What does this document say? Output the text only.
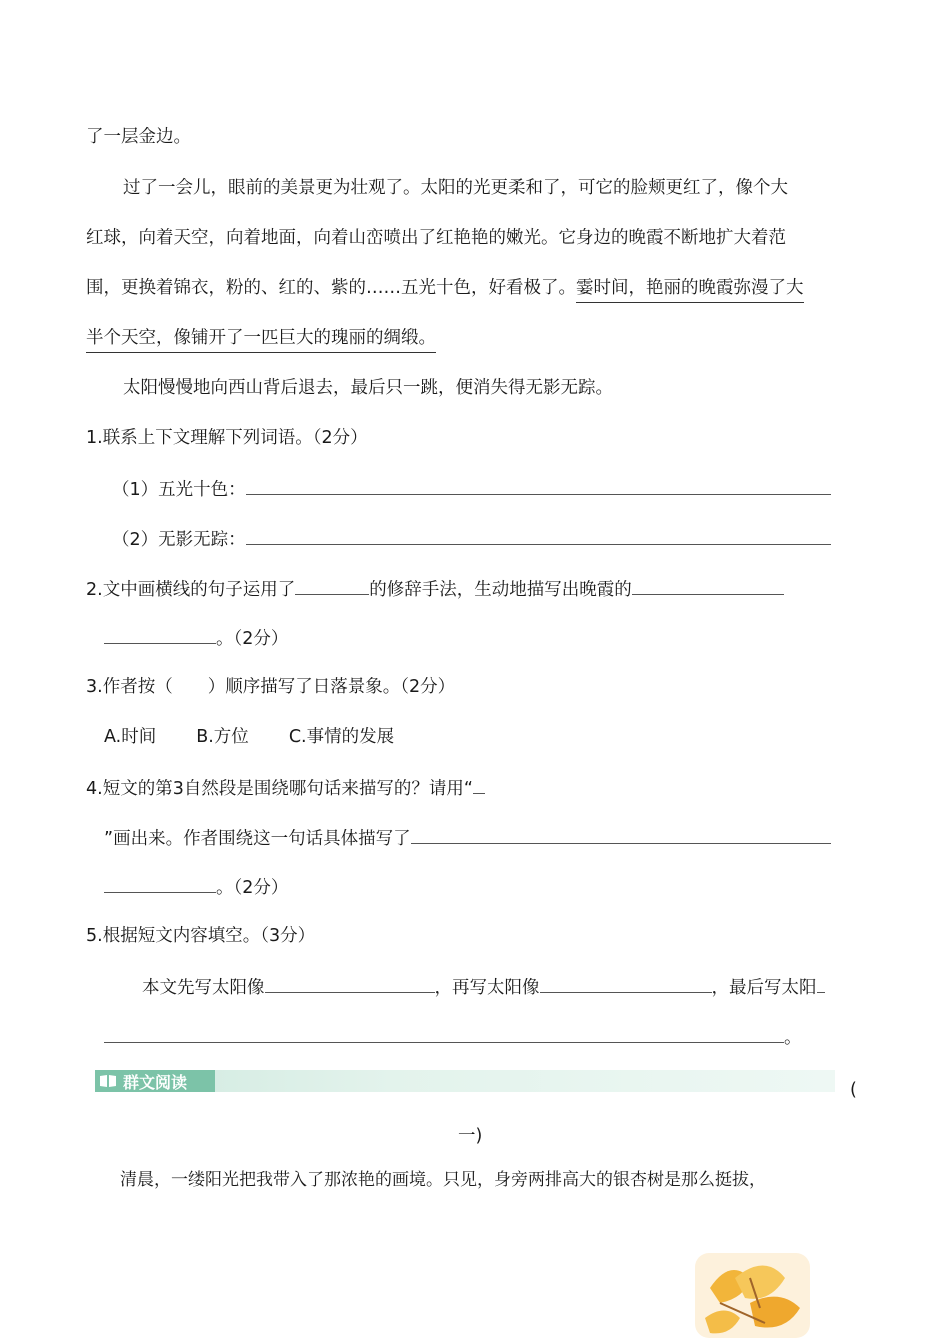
了一层金边。
过了一会儿，眼前的美景更为壮观了。太阳的光更柔和了，可它的脸颊更红了，像个大
红球，向着天空，向着地面，向着山峦喷出了红艳艳的嫩光。它身边的晚霞不断地扩大着范
围，更换着锦衣，粉的、红的、紫的……五光十色，好看极了。霎时间，艳丽的晚霞弥漫了大
半个天空，像铺开了一匹巨大的瑰丽的绸缎。
太阳慢慢地向西山背后退去，最后只一跳，便消失得无影无踪。
1.联系上下文理解下列词语。（2分）
（1）五光十色：
（2）无影无踪：
2.文中画横线的句子运用了	的修辞手法，生动地描写出晚霞的
。（2分）
3.作者按（　　）顺序描写了日落景象。（2分）
A.时间 B.方位 C.事情的发展
4.短文的第3自然段是围绕哪句话来描写的？请用“
”画出来。作者围绕这一句话具体描写了
。（2分）
5.根据短文内容填空。（3分）
本文先写太阳像	，再写太阳像	，最后写太阳
。
群文阅读	(
一)
清晨，一缕阳光把我带入了那浓艳的画境。只见，身旁两排高大的银杏树是那么挺拔，
